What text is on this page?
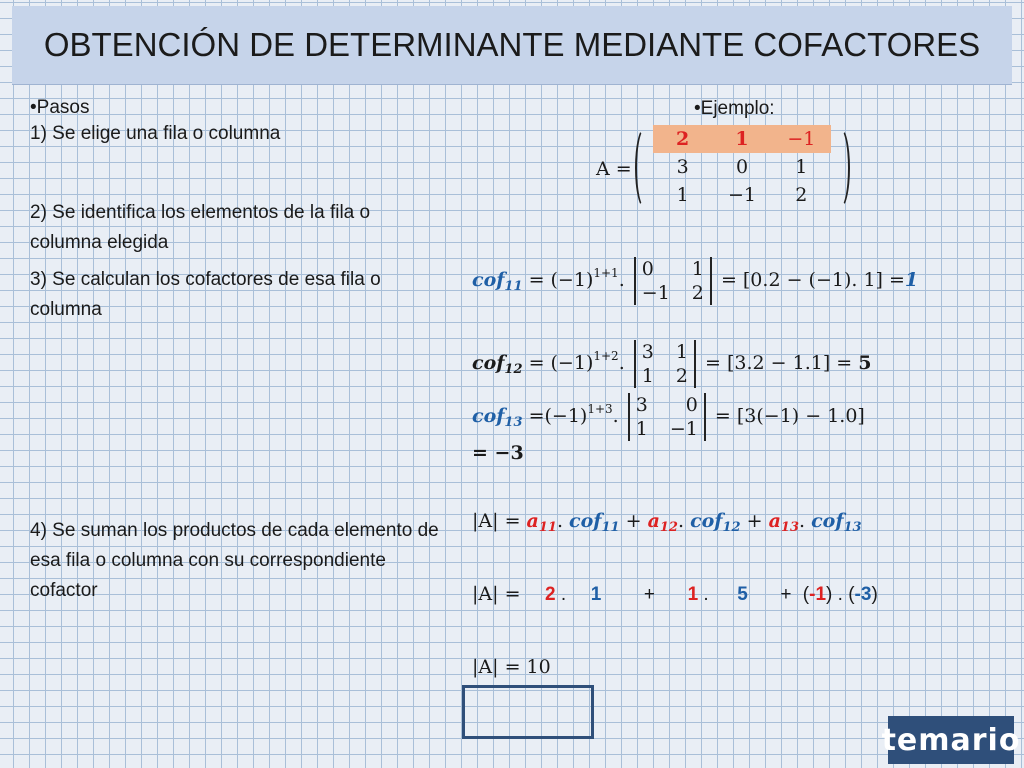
OBTENCIÓN DE DETERMINANTE MEDIANTE COFACTORES
•Pasos
1) Se elige una fila o columna
2) Se identifica los elementos de la fila o columna elegida
3) Se calculan los cofactores de esa fila o columna
4) Se suman los productos de cada elemento de esa fila o columna con su correspondiente cofactor
•Ejemplo:
A =
2	1	−1
3	0	1
1	−1	2
$cof_{11} = (-1)^{1+1}$. 0 1
−1 2
= [0.2 − (−1). 1] =1
$cof_{12} = (-1)^{1+2}$. 3 1
1 2
= [3.2 − 1.1] = 5
$cof_{13} =(-1)^{1+3}$. 3 0
1 −1
= [3(−1) − 1.0]
= −3
$|A| = a_{11}$. $cof_{11} + a_{12}$. $cof_{12} + a_{13}$. cof$_{13}$
|A| = 2 . 1 + 1 . 5 + (-1) . (-3)
|A| = 10
temario
